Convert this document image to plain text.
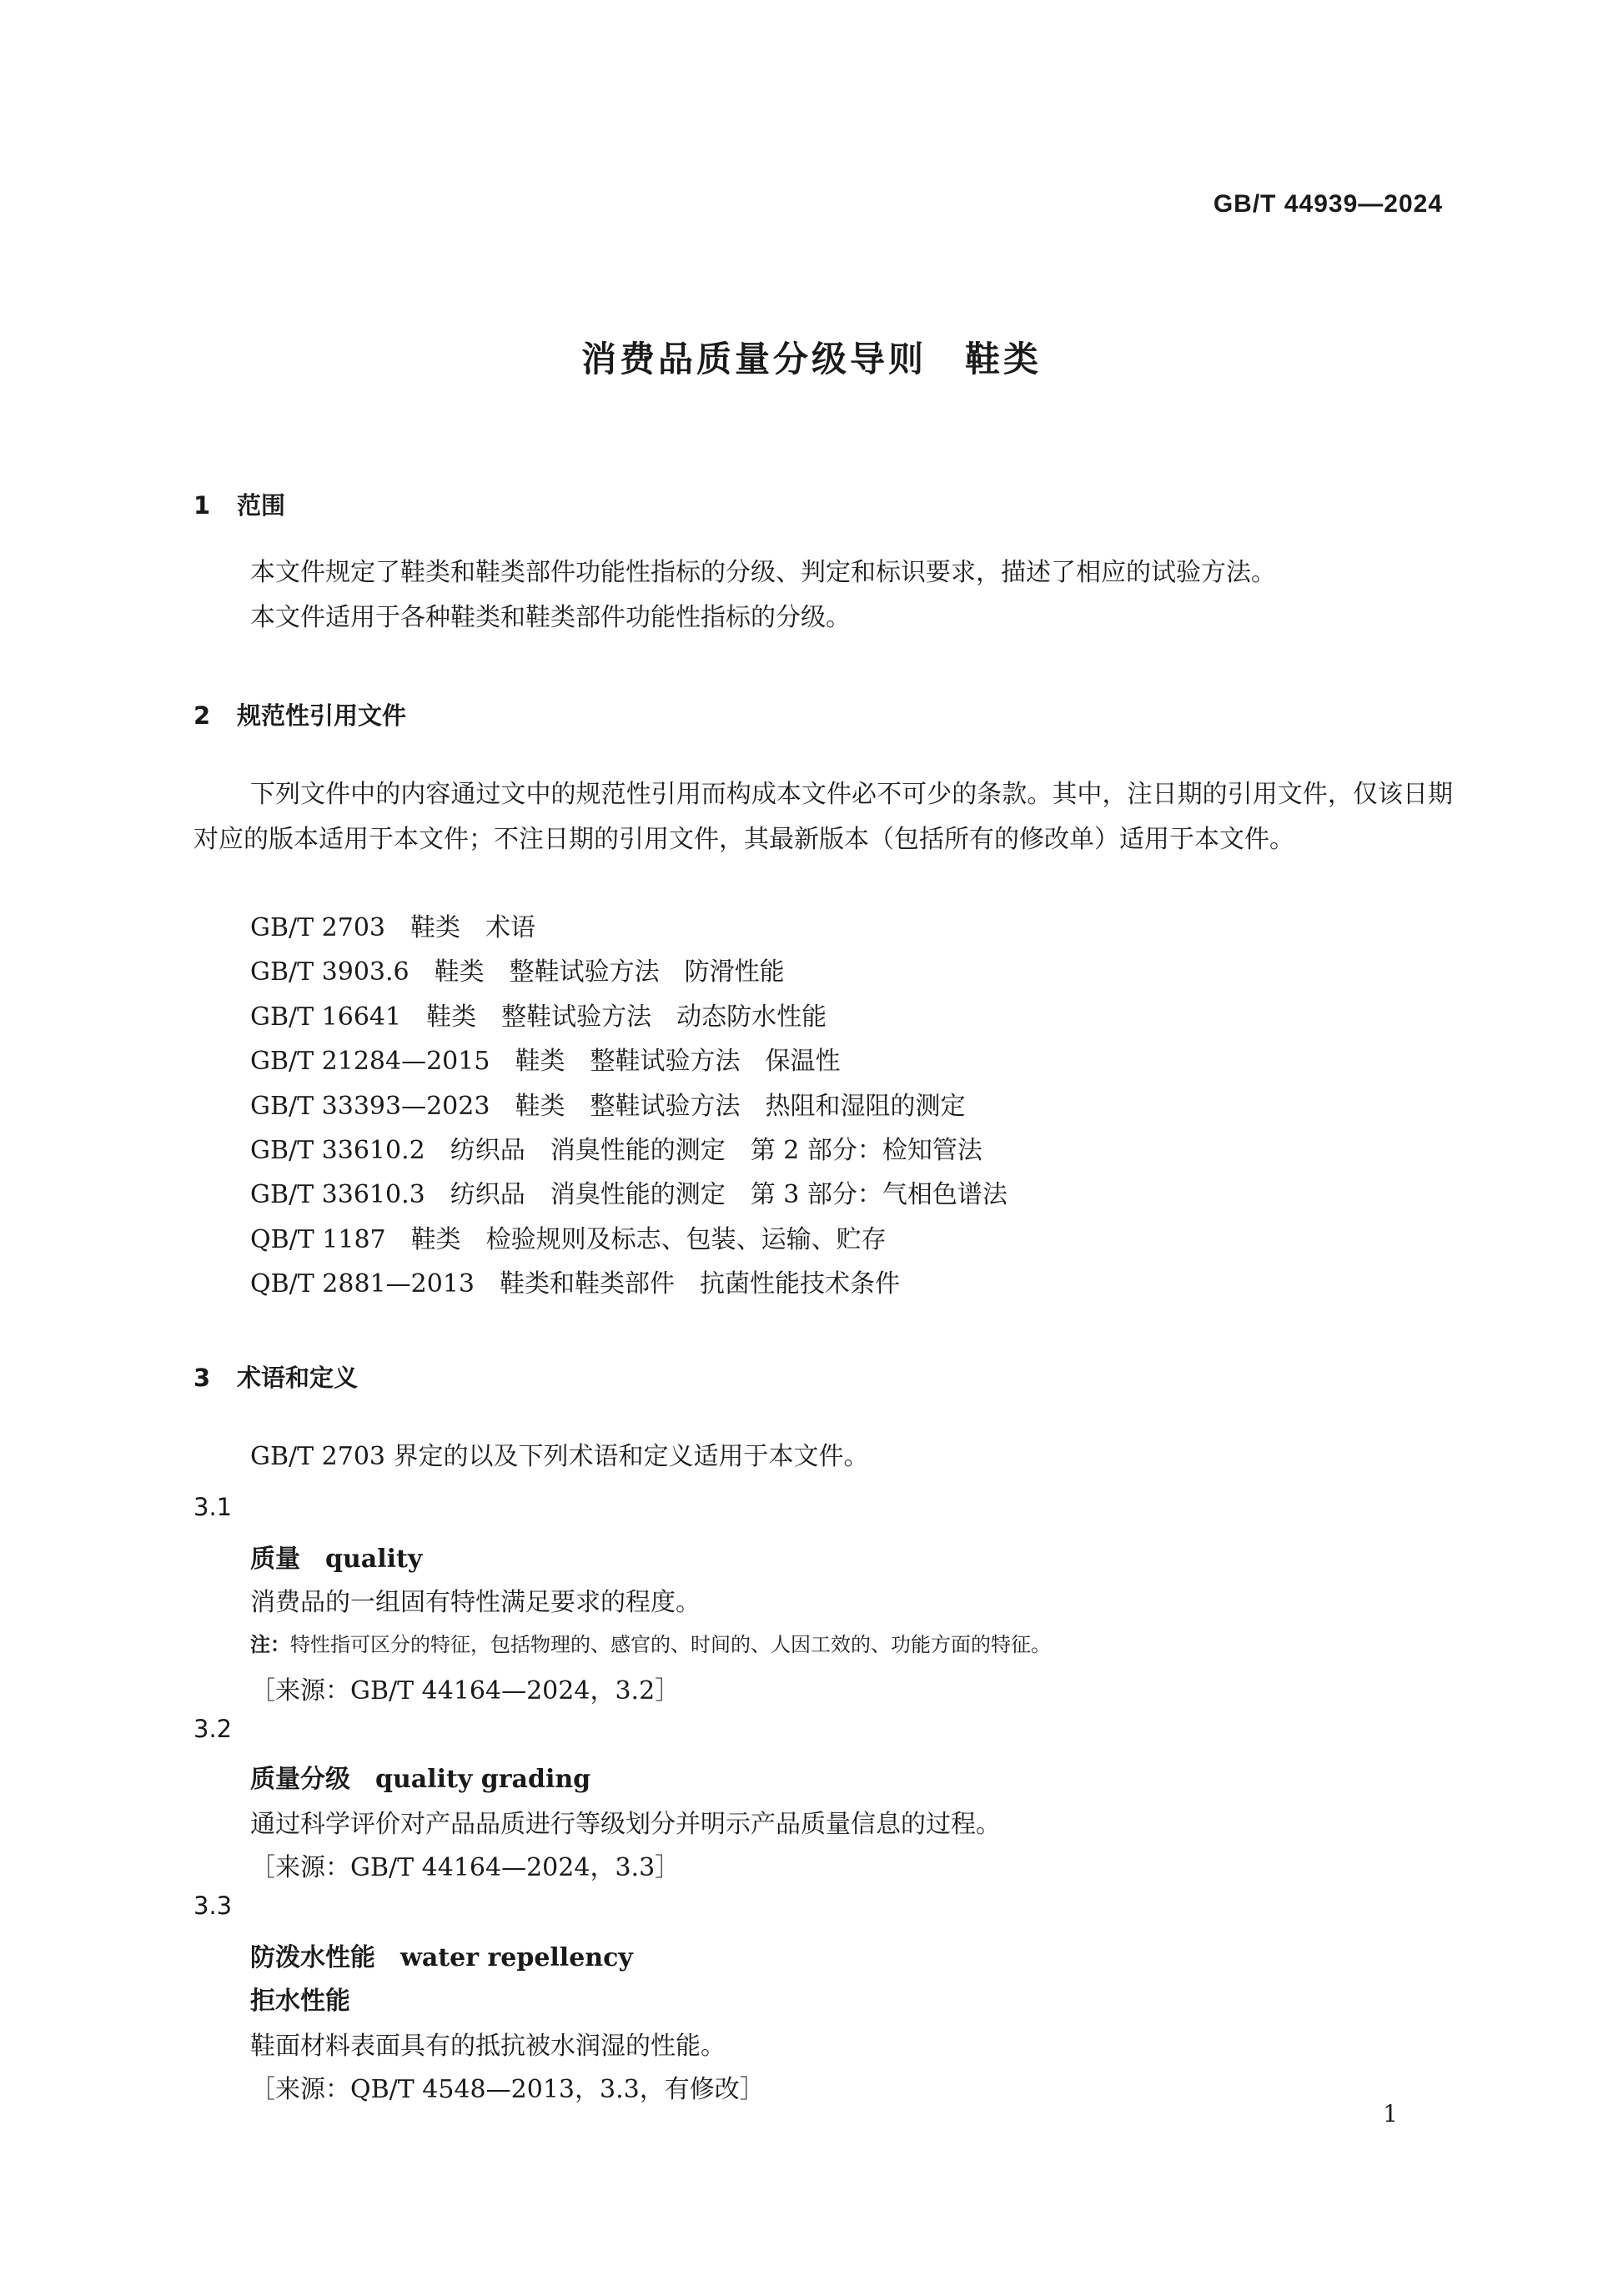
GB/T 44939—2024
消费品质量分级导则　鞋类
1 范围
本文件规定了鞋类和鞋类部件功能性指标的分级、判定和标识要求，描述了相应的试验方法。
本文件适用于各种鞋类和鞋类部件功能性指标的分级。
2 规范性引用文件
下列文件中的内容通过文中的规范性引用而构成本文件必不可少的条款。其中，注日期的引用文件，仅该日期对应的版本适用于本文件；不注日期的引用文件，其最新版本（包括所有的修改单）适用于本文件。
GB/T 2703　鞋类　术语
GB/T 3903.6　鞋类　整鞋试验方法　防滑性能
GB/T 16641　鞋类　整鞋试验方法　动态防水性能
GB/T 21284—2015　鞋类　整鞋试验方法　保温性
GB/T 33393—2023　鞋类　整鞋试验方法　热阻和湿阻的测定
GB/T 33610.2　纺织品　消臭性能的测定　第 2 部分：检知管法
GB/T 33610.3　纺织品　消臭性能的测定　第 3 部分：气相色谱法
QB/T 1187　鞋类　检验规则及标志、包装、运输、贮存
QB/T 2881—2013　鞋类和鞋类部件　抗菌性能技术条件
3 术语和定义
GB/T 2703 界定的以及下列术语和定义适用于本文件。
3.1
质量 quality
消费品的一组固有特性满足要求的程度。
注：特性指可区分的特征，包括物理的、感官的、时间的、人因工效的、功能方面的特征。
［来源：GB/T 44164—2024，3.2］
3.2
质量分级 quality grading
通过科学评价对产品品质进行等级划分并明示产品质量信息的过程。
［来源：GB/T 44164—2024，3.3］
3.3
防泼水性能 water repellency
拒水性能
鞋面材料表面具有的抵抗被水润湿的性能。
［来源：QB/T 4548—2013，3.3，有修改］
1
